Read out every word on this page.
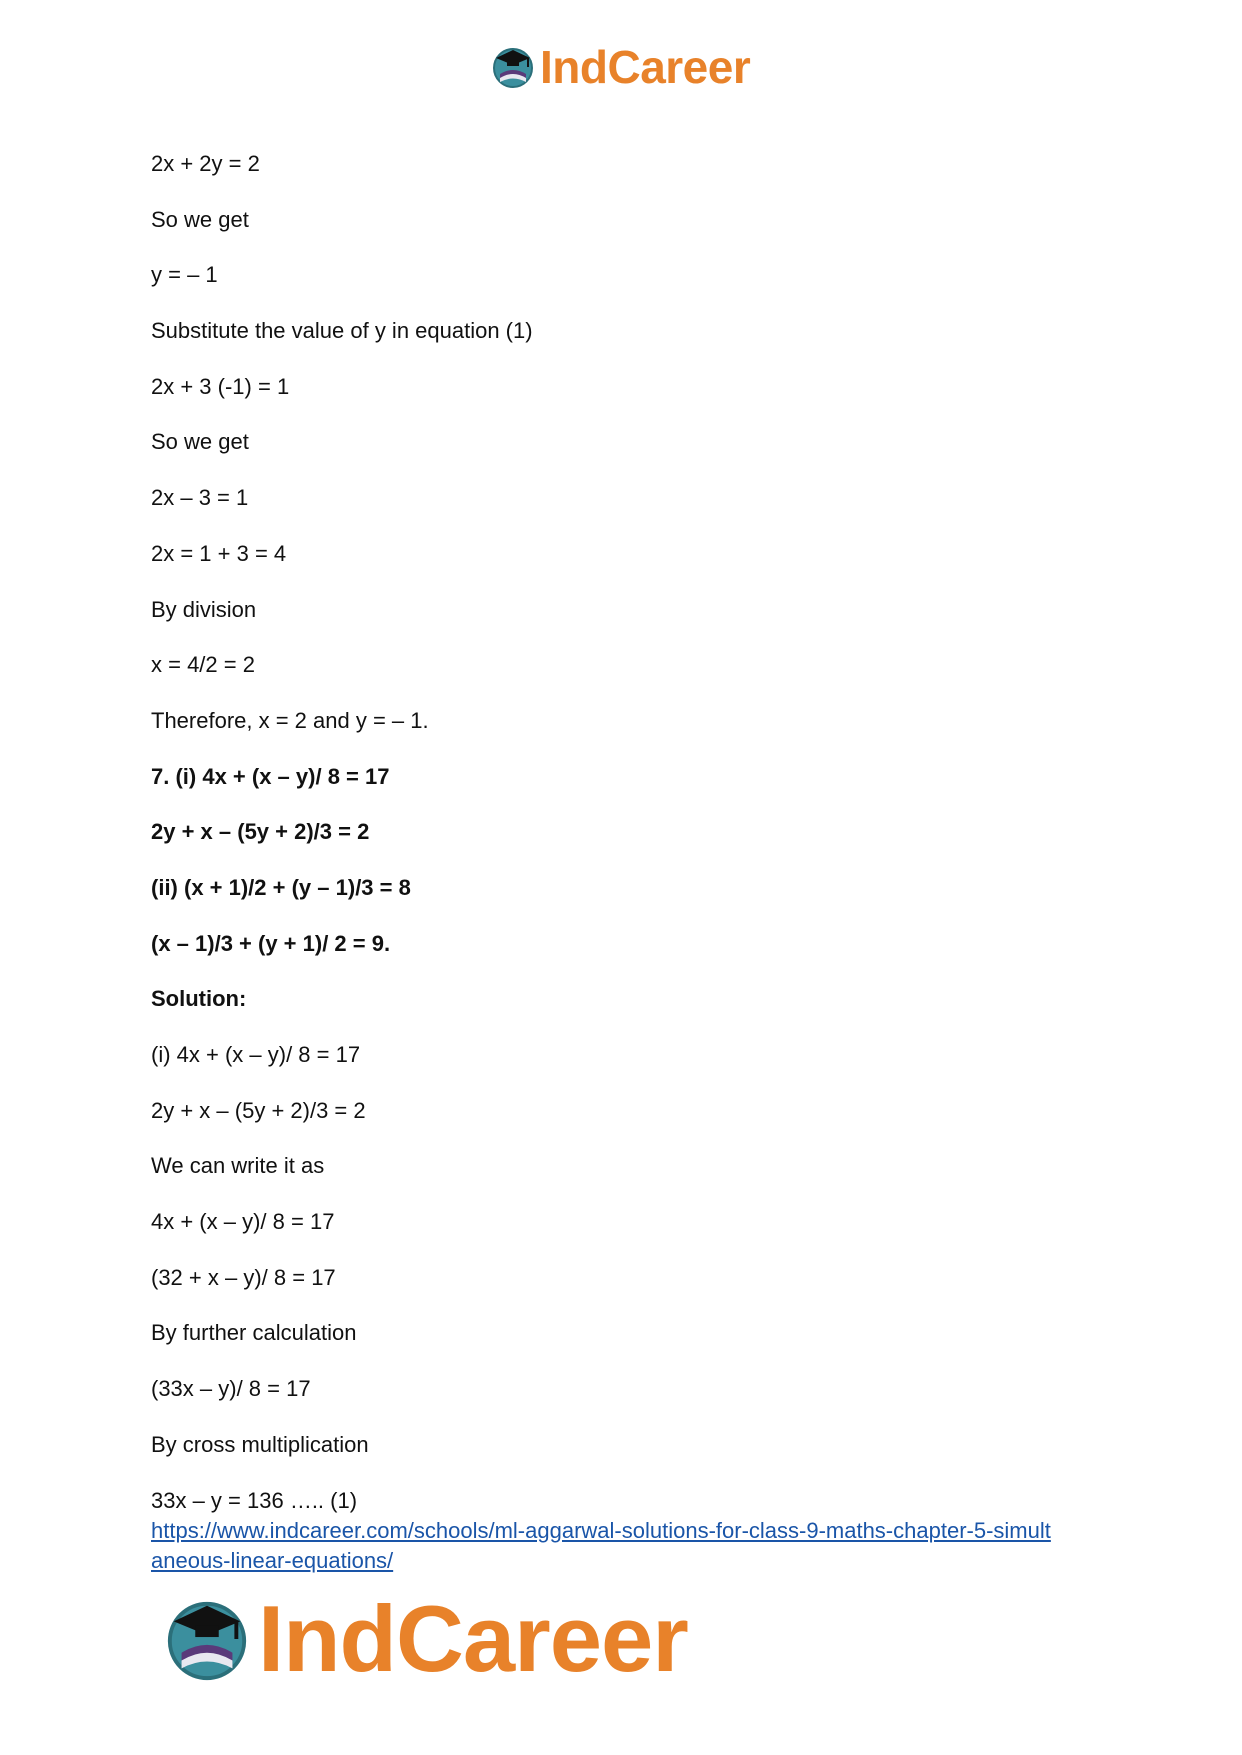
IndCareer
2x + 2y = 2
So we get
y = – 1
Substitute the value of y in equation (1)
2x + 3 (-1) = 1
So we get
2x – 3 = 1
2x = 1 + 3 = 4
By division
x = 4/2 = 2
Therefore, x = 2 and y = – 1.
7. (i) 4x + (x – y)/ 8 = 17
2y + x – (5y + 2)/3 = 2
(ii) (x + 1)/2 + (y – 1)/3 = 8
(x – 1)/3 + (y + 1)/ 2 = 9.
Solution:
(i) 4x + (x – y)/ 8 = 17
2y + x – (5y + 2)/3 = 2
We can write it as
4x + (x – y)/ 8 = 17
(32 + x – y)/ 8 = 17
By further calculation
(33x – y)/ 8 = 17
By cross multiplication
33x – y = 136 ….. (1)
https://www.indcareer.com/schools/ml-aggarwal-solutions-for-class-9-maths-chapter-5-simult
aneous-linear-equations/
IndCareer
